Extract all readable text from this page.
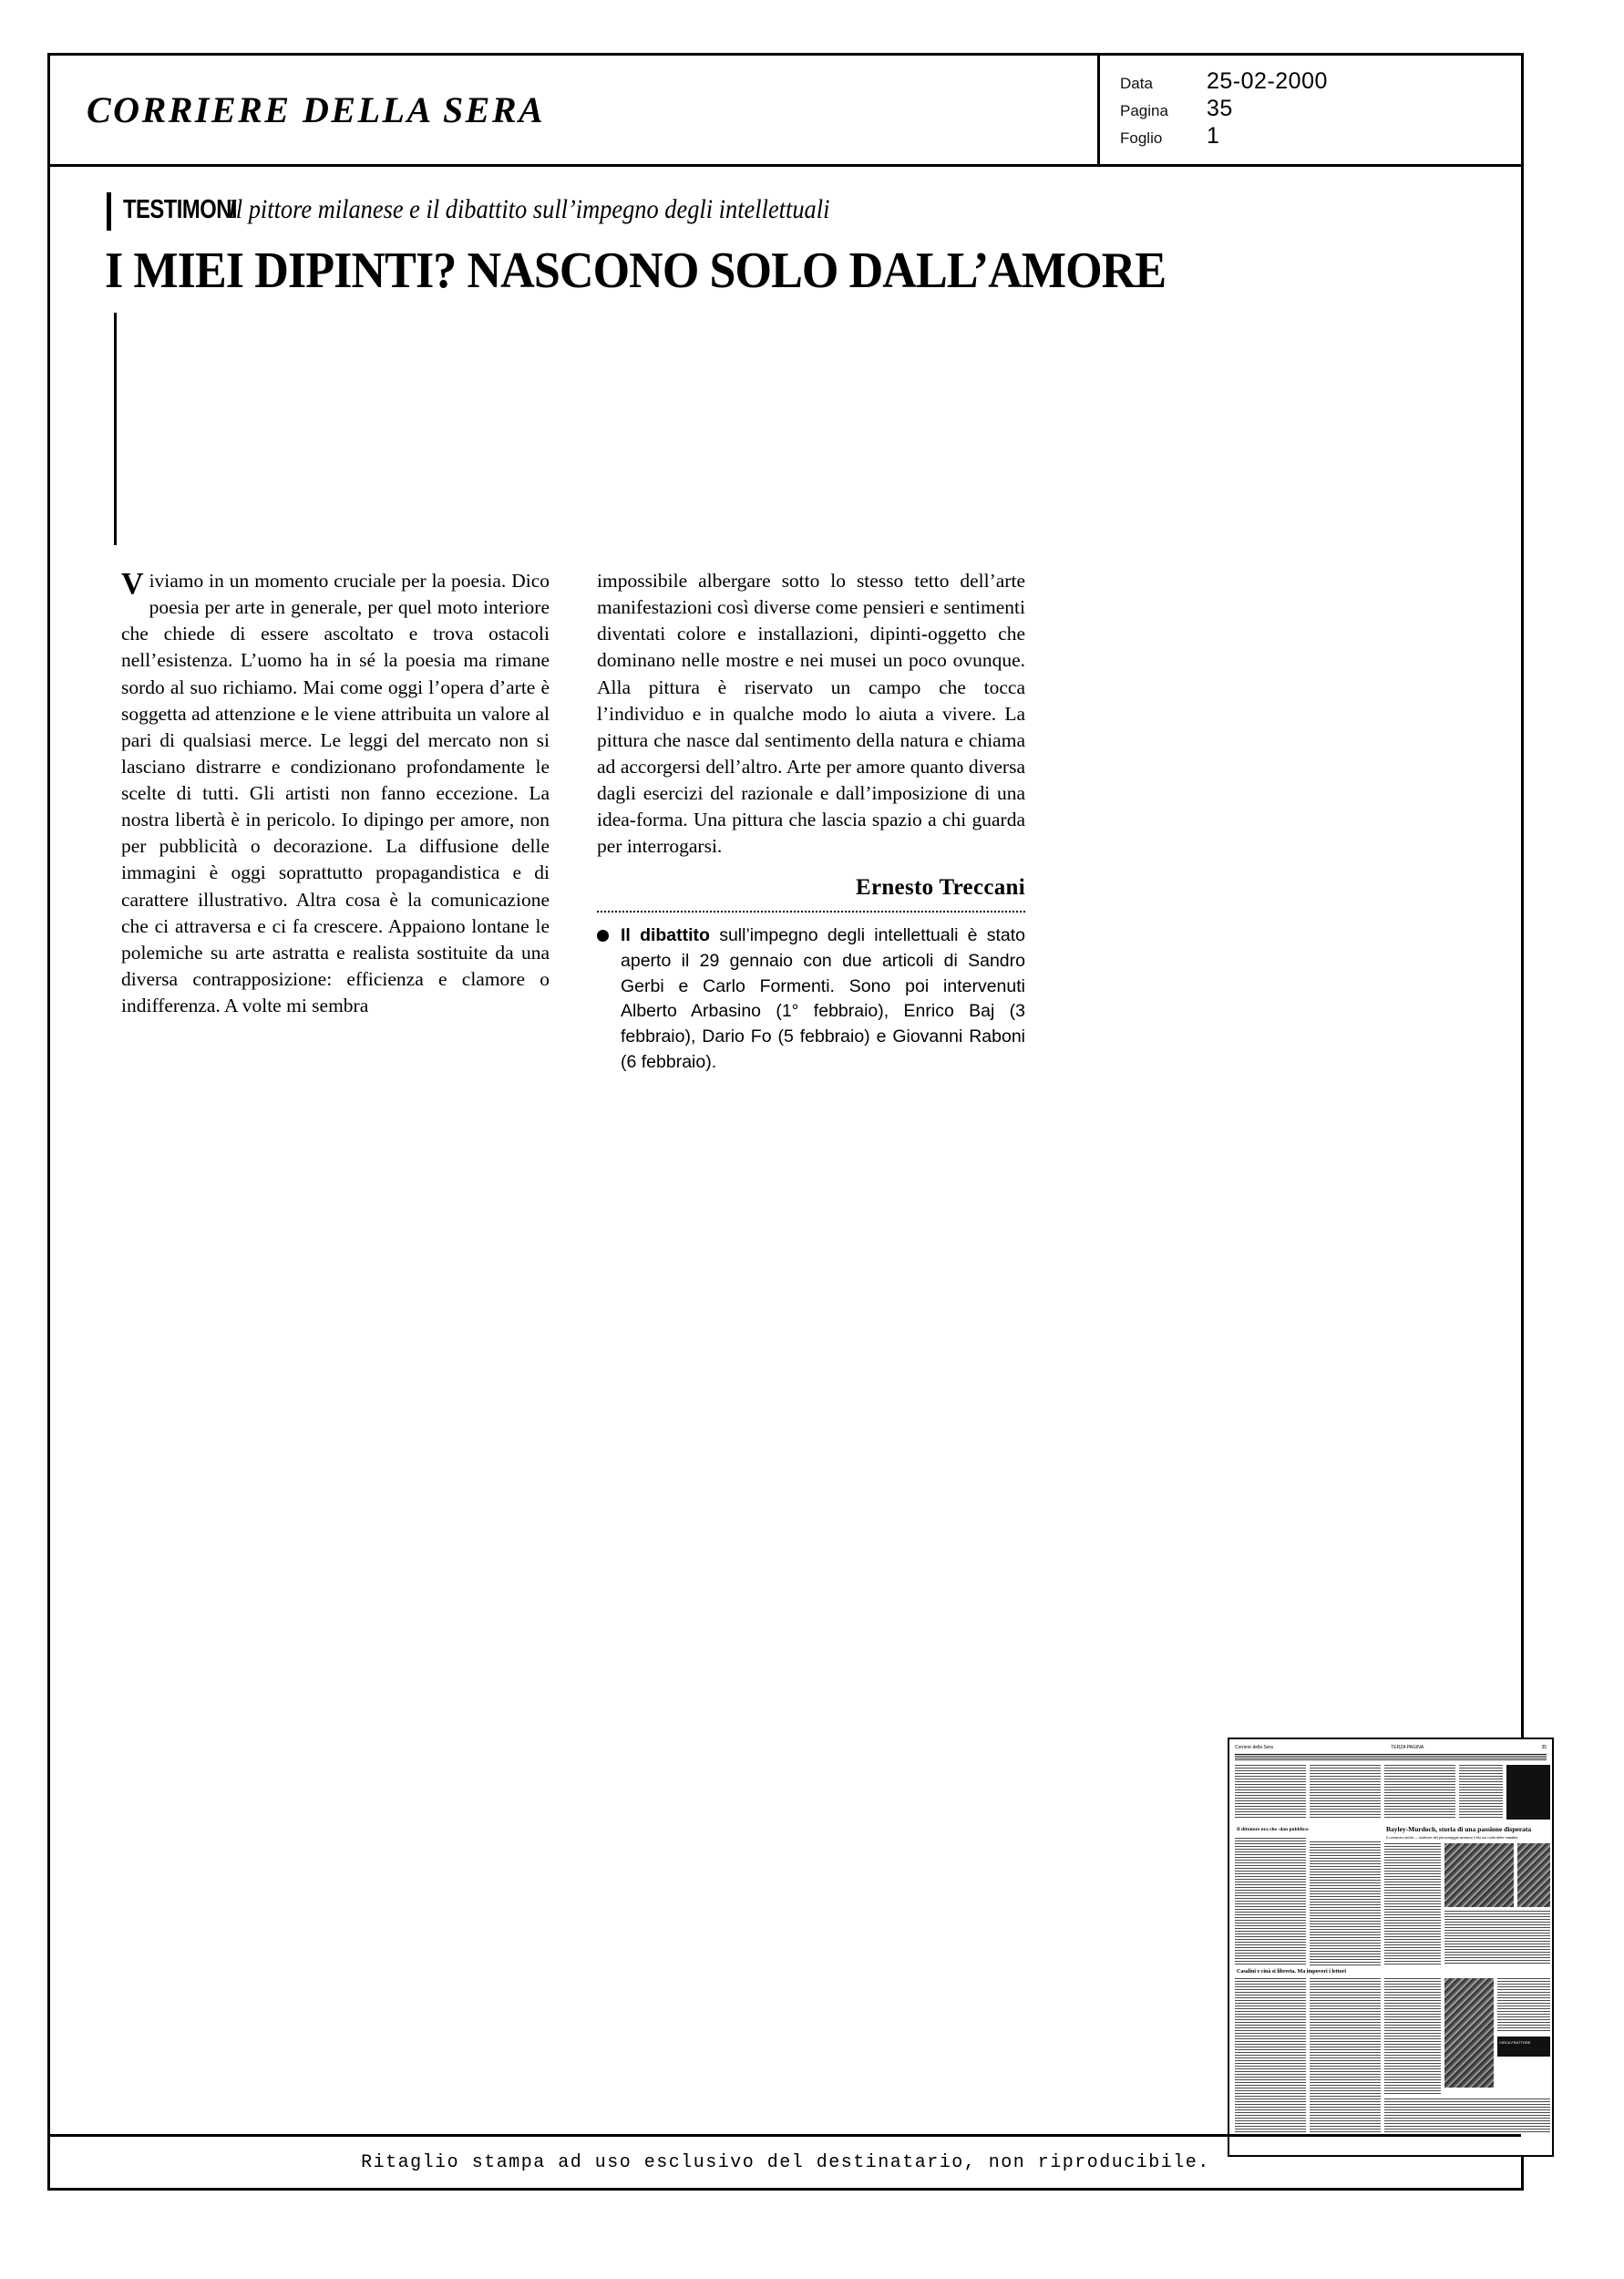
CORRIERE DELLA SERA
Data	25-02-2000
Pagina	35
Foglio	1
TESTIMONI
Il pittore milanese e il dibattito sull’impegno degli intellettuali
I MIEI DIPINTI? NASCONO SOLO DALL’AMORE

Viviamo in un momento cruciale per la poesia. Dico poesia per arte in generale, per quel moto interiore che chiede di essere ascoltato e trova ostacoli nell’esistenza. L’uomo ha in sé la poesia ma rimane sordo al suo richiamo. Mai come oggi l’opera d’arte è soggetta ad attenzione e le viene attribuita un valore al pari di qualsiasi merce. Le leggi del mercato non si lasciano distrarre e condizionano profondamente le scelte di tutti. Gli artisti non fanno eccezione. La nostra libertà è in pericolo. Io dipingo per amore, non per pubblicità o decorazione. La diffusione delle immagini è oggi soprattutto propagandistica e di carattere illustrativo. Altra cosa è la comunicazione che ci attraversa e ci fa crescere. Appaiono lontane le polemiche su arte astratta e realista sostituite da una diversa contrapposizione: efficienza e clamore o indifferenza. A volte mi sembra

impossibile albergare sotto lo stesso tetto dell’arte manifestazioni così diverse come pensieri e sentimenti diventati colore e installazioni, dipinti-oggetto che dominano nelle mostre e nei musei un poco ovunque. Alla pittura è riservato un campo che tocca l’individuo e in qualche modo lo aiuta a vivere. La pittura che nasce dal sentimento della natura e chiama ad accorgersi dell’altro. Arte per amore quanto diversa dagli esercizi del razionale e dall’imposizione di una idea-forma. Una pittura che lascia spazio a chi guarda per interrogarsi.

Ernesto Treccani
Il dibattito sull’impegno degli intellettuali è stato aperto il 29 gennaio con due articoli di Sandro Gerbi e Carlo Formenti. Sono poi intervenuti Alberto Arbasino (1° febbraio), Enrico Baj (3 febbraio), Dario Fo (5 febbraio) e Giovanni Raboni (6 febbraio).
Corriere della Sera	TERZA PAGINA	35
Bayley-Murdoch, storia di una passione disperata
Il romanzo-verità — scrittore del personaggio anziano il filo sul nulla delle malattia
Il dittatore ora che -dan pubblico-
Casalini e cinà si libreria. Ma impoveri i lettori
CIRCA FRATTORE
Ritaglio stampa ad uso esclusivo del destinatario, non riproducibile.
